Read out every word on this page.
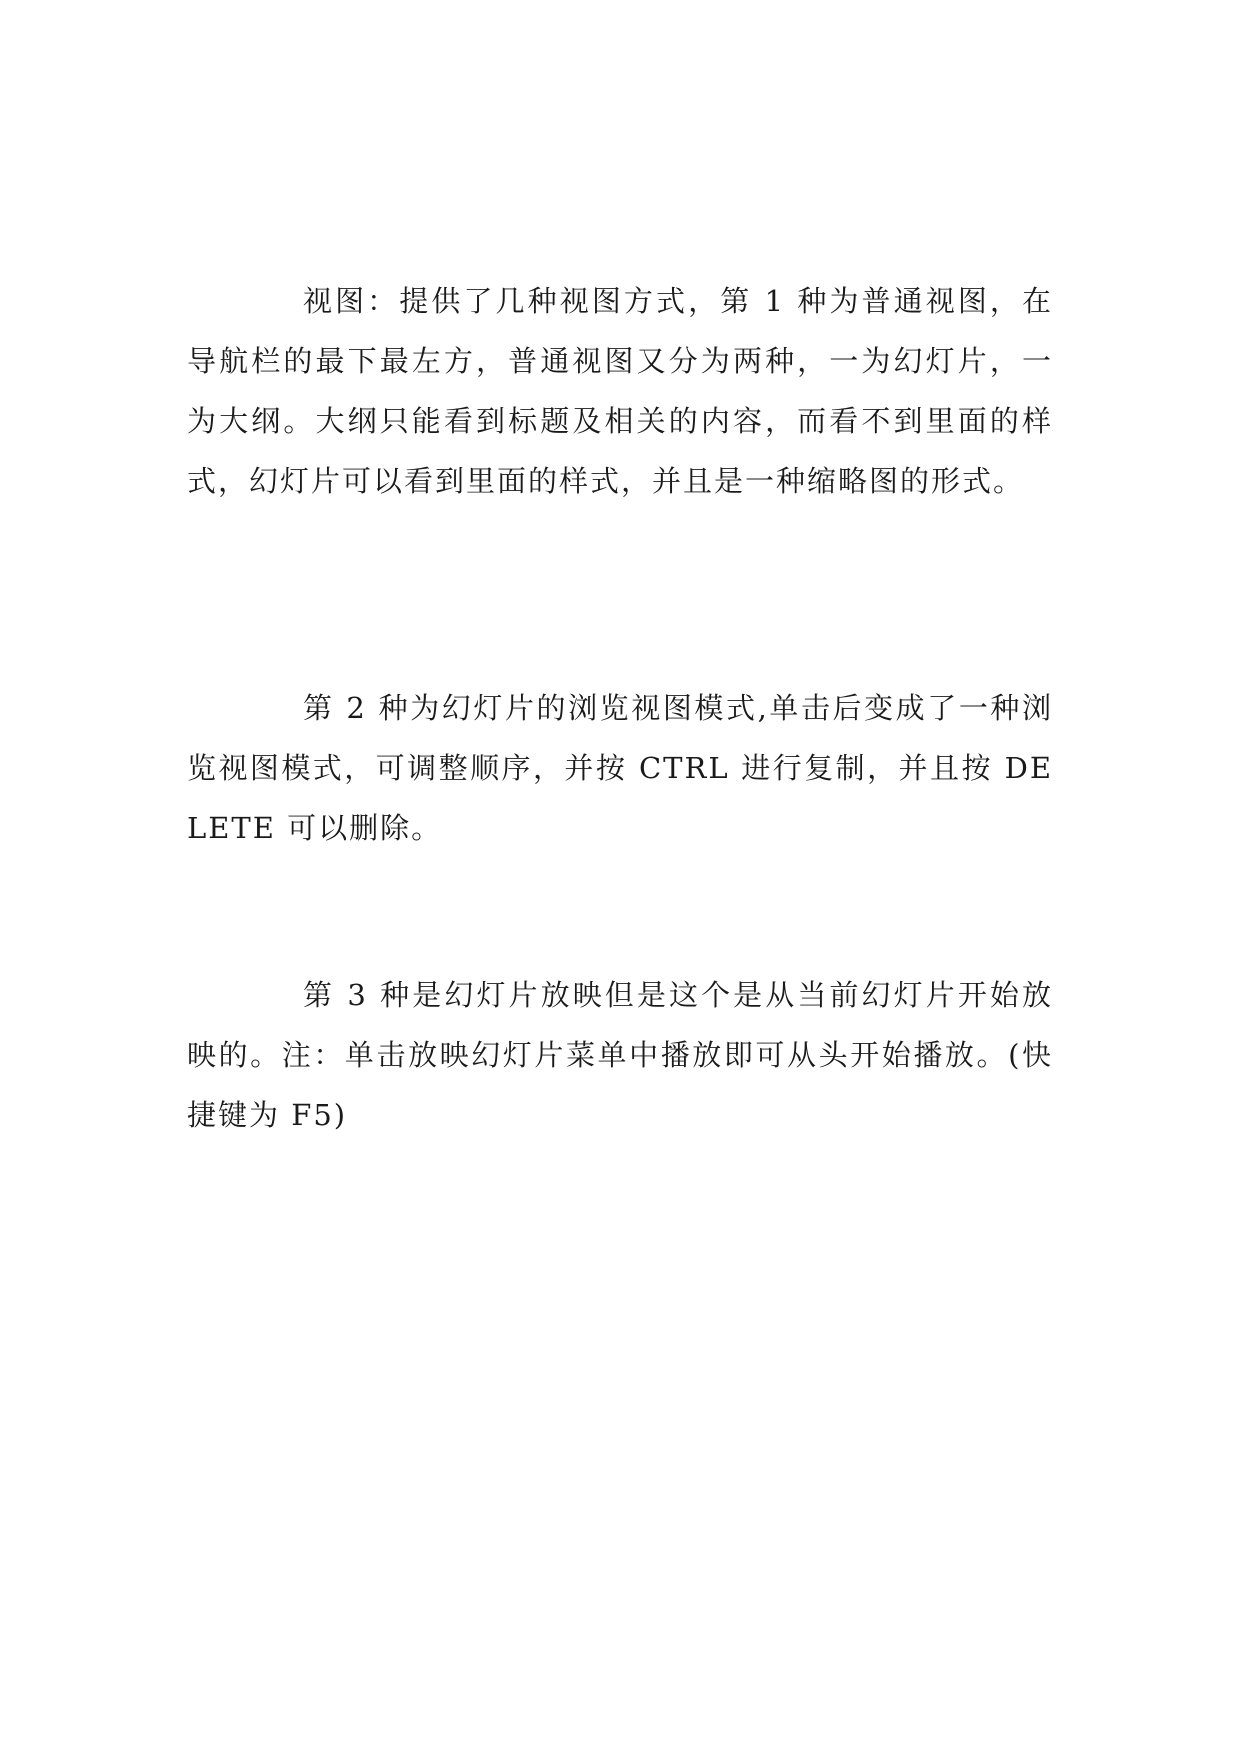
视图：提供了几种视图方式，第 1 种为普通视图，在导航栏的最下最左方，普通视图又分为两种，一为幻灯片，一为大纲。大纲只能看到标题及相关的内容，而看不到里面的样式，幻灯片可以看到里面的样式，并且是一种缩略图的形式。

第 2 种为幻灯片的浏览视图模式,单击后变成了一种浏览视图模式，可调整顺序，并按 CTRL 进行复制，并且按 DELETE 可以删除。

第 3 种是幻灯片放映但是这个是从当前幻灯片开始放映的。注：单击放映幻灯片菜单中播放即可从头开始播放。(快捷键为 F5)
